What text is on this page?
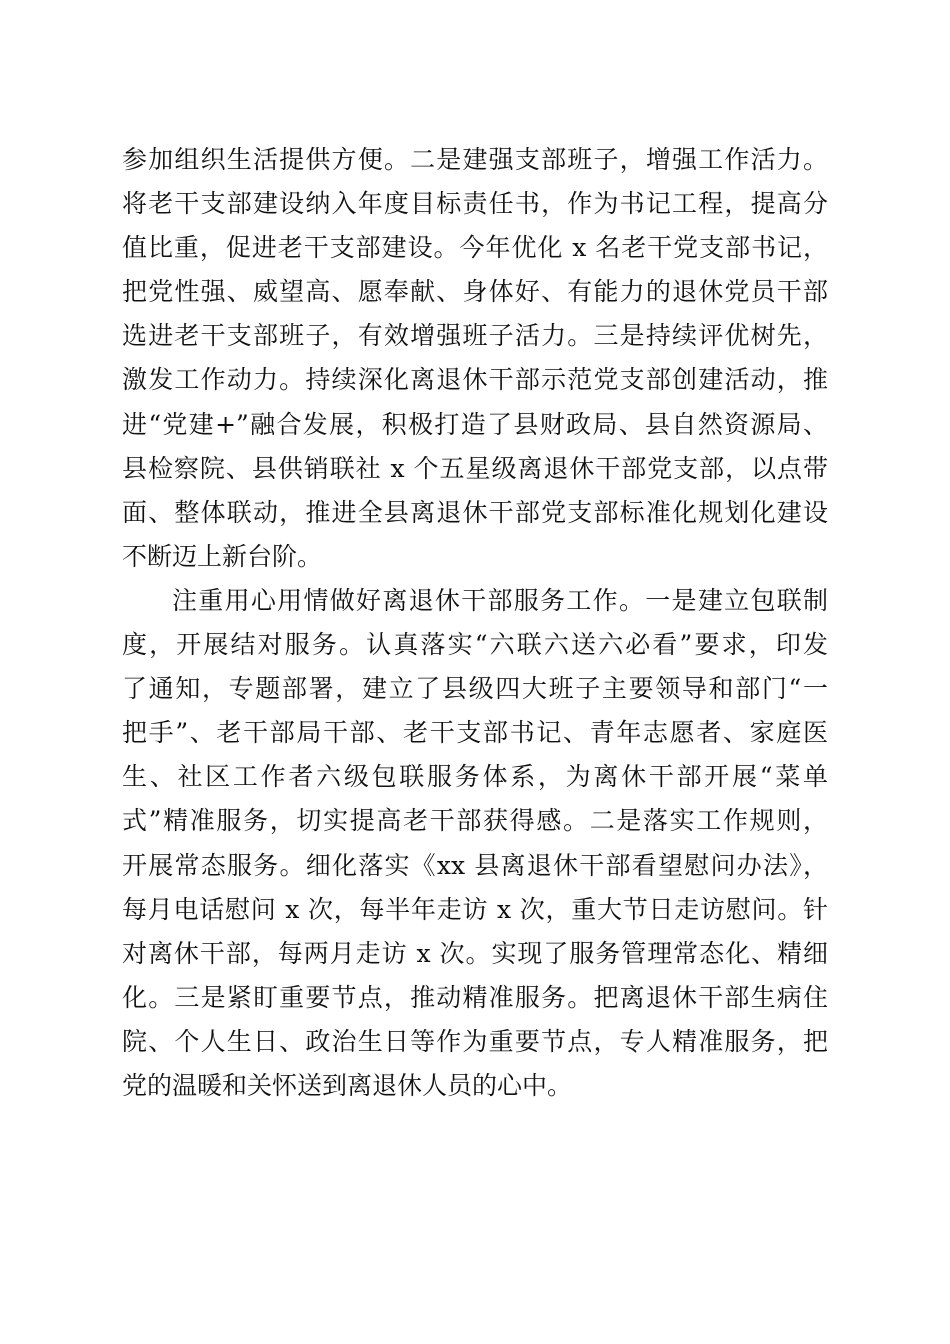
参加组织生活提供方便。二是建强支部班子，增强工作活力。
将老干支部建设纳入年度目标责任书，作为书记工程，提高分
值比重，促进老干支部建设。今年优化 x 名老干党支部书记，
把党性强、威望高、愿奉献、身体好、有能力的退休党员干部
选进老干支部班子，有效增强班子活力。三是持续评优树先，
激发工作动力。持续深化离退休干部示范党支部创建活动，推
进“党建+”融合发展，积极打造了县财政局、县自然资源局、
县检察院、县供销联社 x 个五星级离退休干部党支部，以点带
面、整体联动，推进全县离退休干部党支部标准化规划化建设
不断迈上新台阶。
注重用心用情做好离退休干部服务工作。一是建立包联制
度，开展结对服务。认真落实“六联六送六必看”要求，印发
了通知，专题部署，建立了县级四大班子主要领导和部门“一
把手”、老干部局干部、老干支部书记、青年志愿者、家庭医
生、社区工作者六级包联服务体系，为离休干部开展“菜单
式”精准服务，切实提高老干部获得感。二是落实工作规则，
开展常态服务。细化落实《xx 县离退休干部看望慰问办法》，
每月电话慰问 x 次，每半年走访 x 次，重大节日走访慰问。针
对离休干部，每两月走访 x 次。实现了服务管理常态化、精细
化。三是紧盯重要节点，推动精准服务。把离退休干部生病住
院、个人生日、政治生日等作为重要节点，专人精准服务，把
党的温暖和关怀送到离退休人员的心中。
